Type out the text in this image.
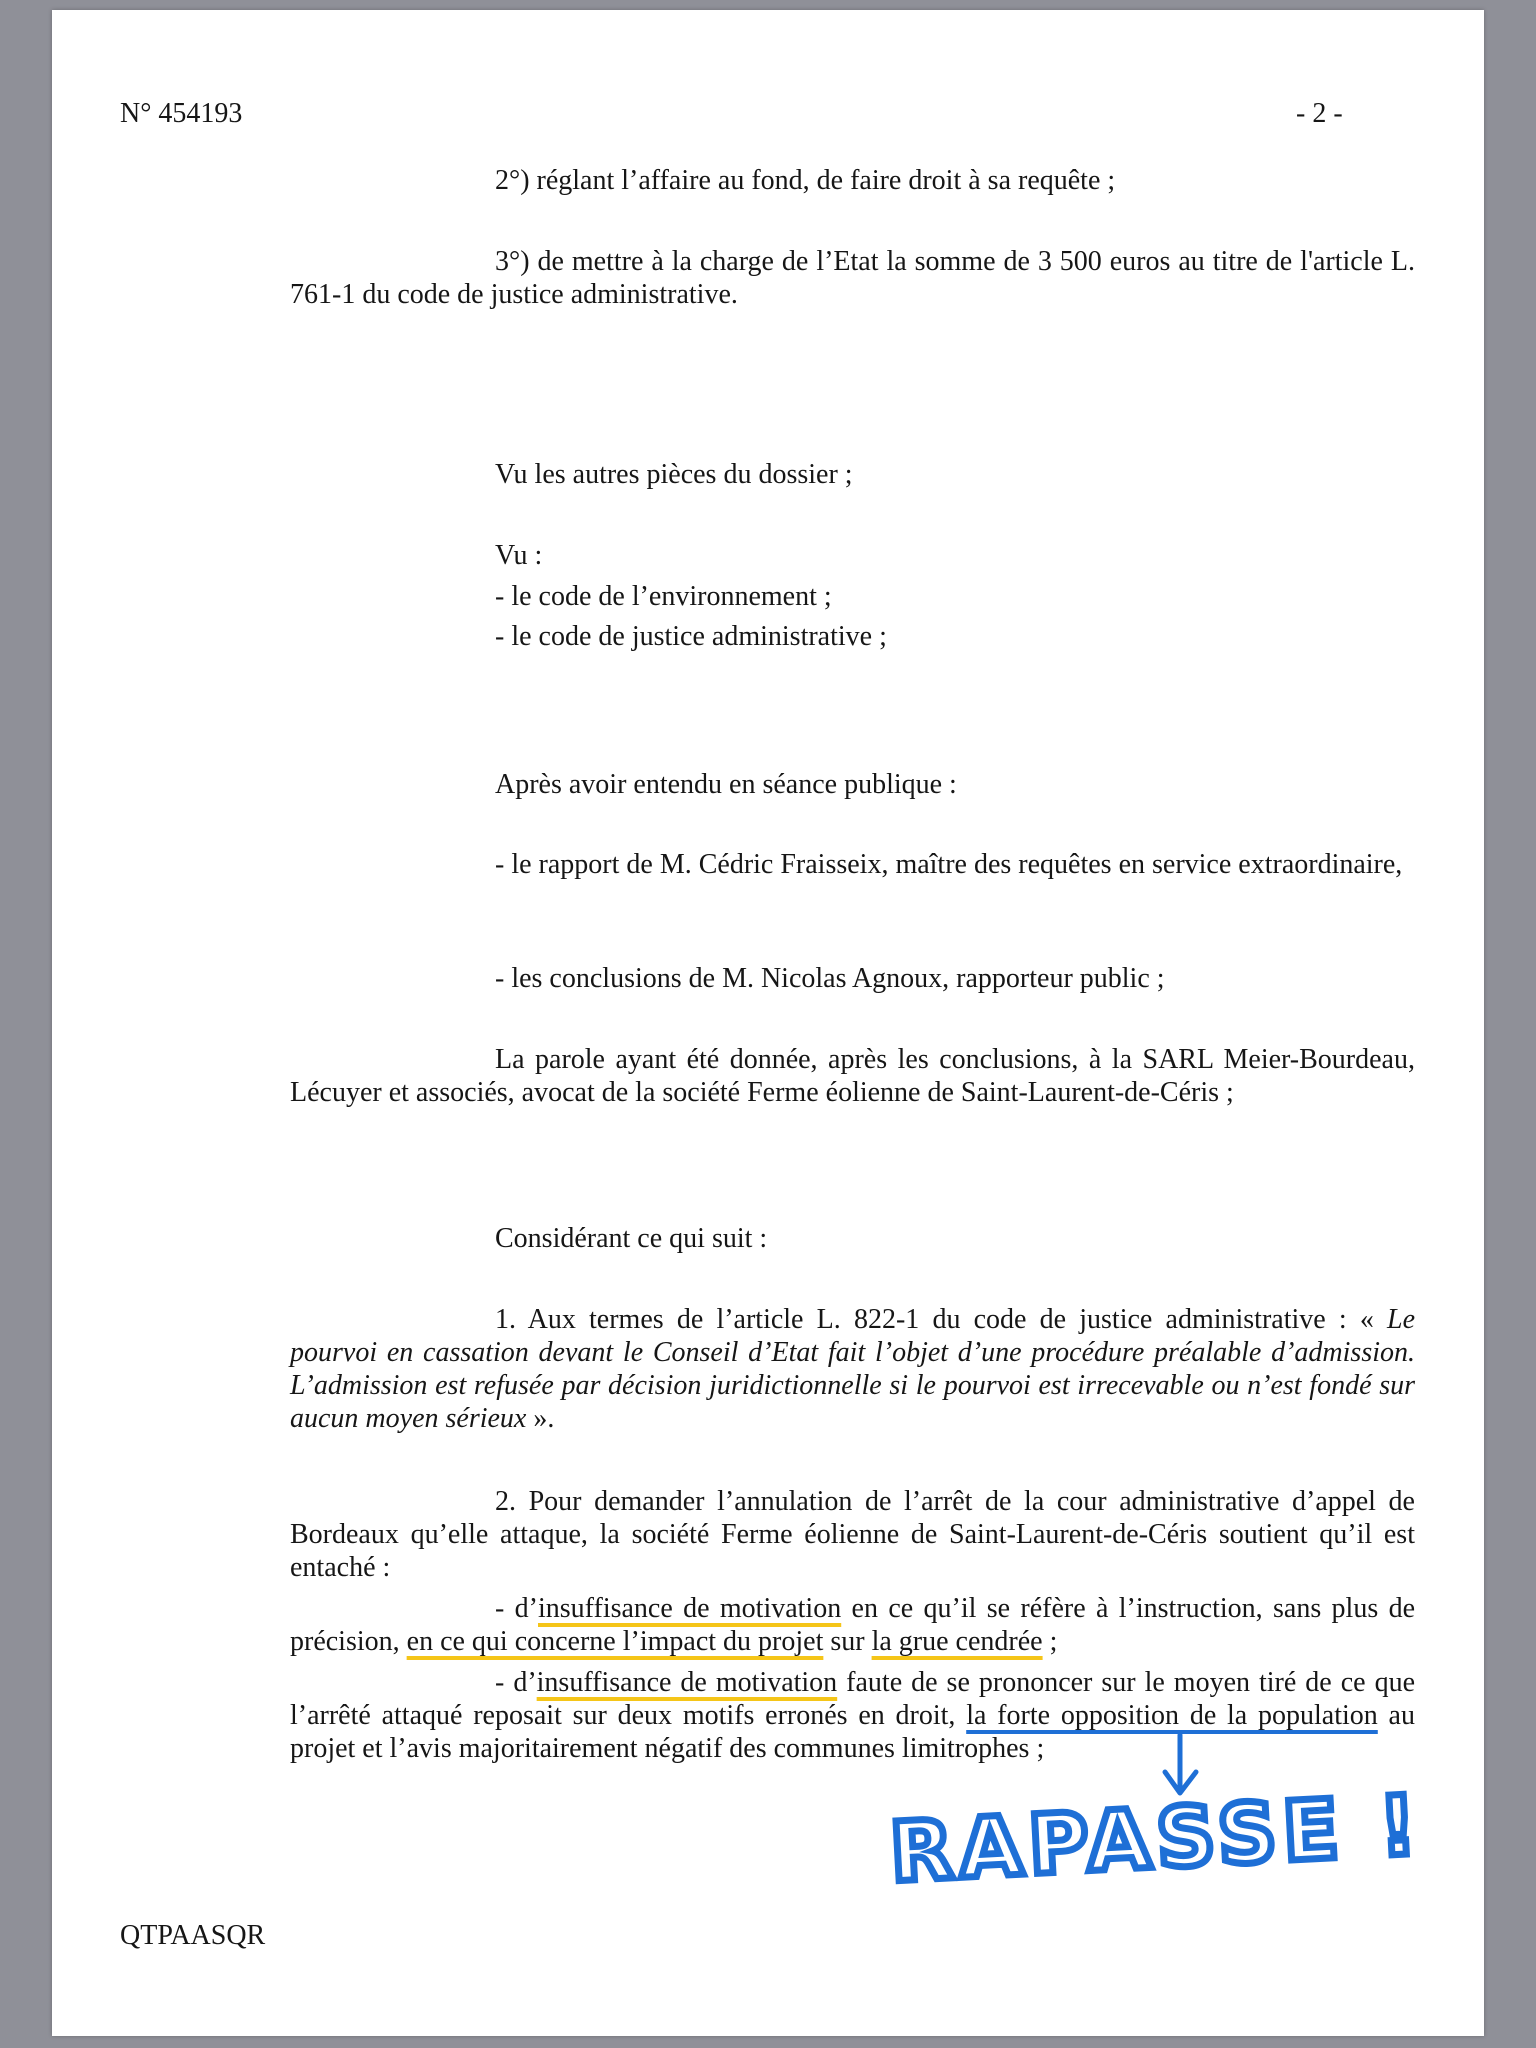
N° 454193	- 2 -
2°) réglant l’affaire au fond, de faire droit à sa requête ;
3°) de mettre à la charge de l’Etat la somme de 3 500 euros au titre de l'article L. 761-1 du code de justice administrative.
Vu les autres pièces du dossier ;
Vu :
- le code de l’environnement ;
- le code de justice administrative ;
Après avoir entendu en séance publique :
- le rapport de M. Cédric Fraisseix, maître des requêtes en service extraordinaire,
- les conclusions de M. Nicolas Agnoux, rapporteur public ;
La parole ayant été donnée, après les conclusions, à la SARL Meier-Bourdeau, Lécuyer et associés, avocat de la société Ferme éolienne de Saint-Laurent-de-Céris ;
Considérant ce qui suit :
1. Aux termes de l’article L. 822-1 du code de justice administrative : « Le pourvoi en cassation devant le Conseil d’Etat fait l’objet d’une procédure préalable d’admission. L’admission est refusée par décision juridictionnelle si le pourvoi est irrecevable ou n’est fondé sur aucun moyen sérieux ».
2. Pour demander l’annulation de l’arrêt de la cour administrative d’appel de Bordeaux qu’elle attaque, la société Ferme éolienne de Saint-Laurent-de-Céris soutient qu’il est entaché :
- d’insuffisance de motivation en ce qu’il se réfère à l’instruction, sans plus de précision, en ce qui concerne l’impact du projet sur la grue cendrée ;
- d’insuffisance de motivation faute de se prononcer sur le moyen tiré de ce que l’arrêté attaqué reposait sur deux motifs erronés en droit, la forte opposition de la population au projet et l’avis majoritairement négatif des communes limitrophes ;
QTPAASQR
RAPASSE !
